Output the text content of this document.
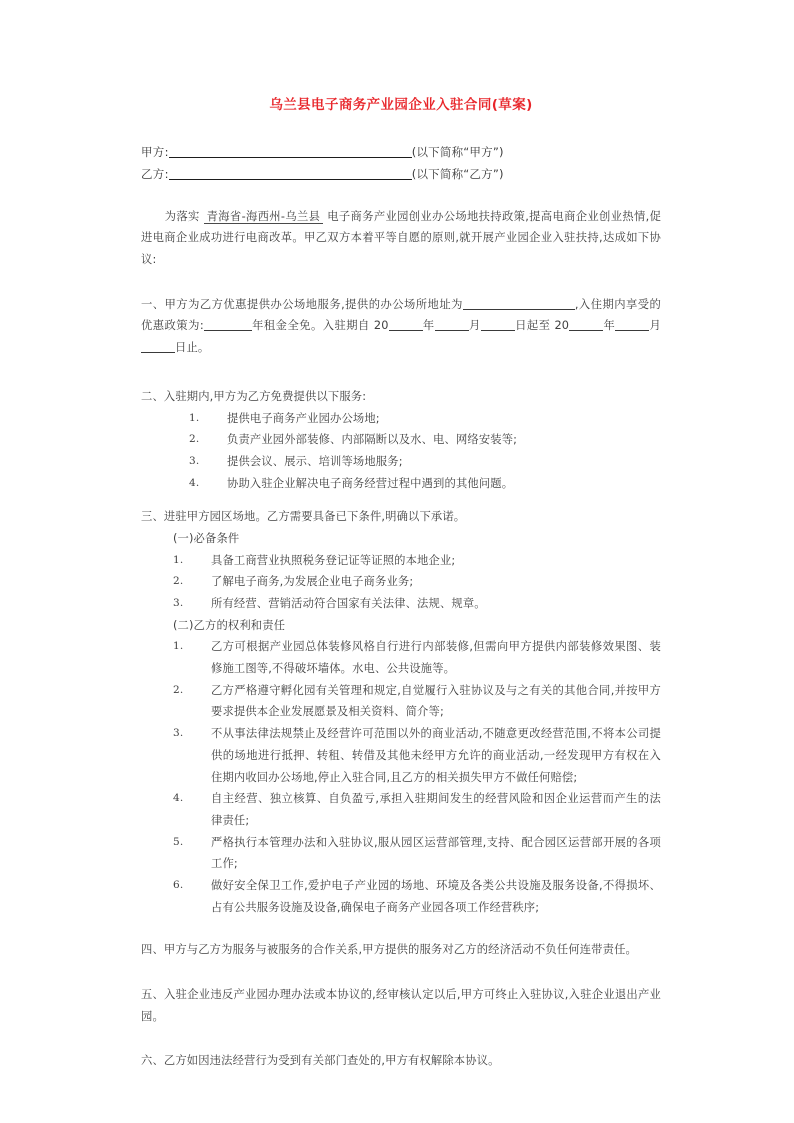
乌兰县电子商务产业园企业入驻合同(草案)
甲方:	(以下简称“甲方”)
乙方:	(以下简称“乙方”)

为落实 青海省-海西州-乌兰县 电子商务产业园创业办公场地扶持政策,提高电商企业创业热情,促进电商企业成功进行电商改革。甲乙双方本着平等自愿的原则,就开展产业园企业入驻扶持,达成如下协议:

一、甲方为乙方优惠提供办公场地服务,提供的办公场所地址为	,入住期内享受的优惠政策为:	年租金全免。入驻期自 20	年	月	日起至 20	年	月日止。

二、入驻期内,甲方为乙方免费提供以下服务:

1.	提供电子商务产业园办公场地;
2.	负责产业园外部装修、内部隔断以及水、电、网络安装等;
3.	提供会议、展示、培训等场地服务;
4.	协助入驻企业解决电子商务经营过程中遇到的其他问题。

三、进驻甲方园区场地。乙方需要具备已下条件,明确以下承诺。

(一)必备条件

1.	具备工商营业执照税务登记证等证照的本地企业;
2.	了解电子商务,为发展企业电子商务业务;
3.	所有经营、营销活动符合国家有关法律、法规、规章。

(二)乙方的权利和责任

1.	乙方可根据产业园总体装修风格自行进行内部装修,但需向甲方提供内部装修效果图、装修施工图等,不得破坏墙体。水电、公共设施等。
2.	乙方严格遵守孵化园有关管理和规定,自觉履行入驻协议及与之有关的其他合同,并按甲方要求提供本企业发展愿景及相关资料、简介等;
3.	不从事法律法规禁止及经营许可范围以外的商业活动,不随意更改经营范围,不将本公司提供的场地进行抵押、转租、转借及其他未经甲方允许的商业活动,一经发现甲方有权在入住期内收回办公场地,停止入驻合同,且乙方的相关损失甲方不做任何赔偿;
4.	自主经营、独立核算、自负盈亏,承担入驻期间发生的经营风险和因企业运营而产生的法律责任;
5.	严格执行本管理办法和入驻协议,服从园区运营部管理,支持、配合园区运营部开展的各项工作;
6.	做好安全保卫工作,爱护电子产业园的场地、环境及各类公共设施及服务设备,不得损坏、占有公共服务设施及设备,确保电子商务产业园各项工作经营秩序;

四、甲方与乙方为服务与被服务的合作关系,甲方提供的服务对乙方的经济活动不负任何连带责任。

五、入驻企业违反产业园办理办法或本协议的,经审核认定以后,甲方可终止入驻协议,入驻企业退出产业园。

六、乙方如因违法经营行为受到有关部门查处的,甲方有权解除本协议。
